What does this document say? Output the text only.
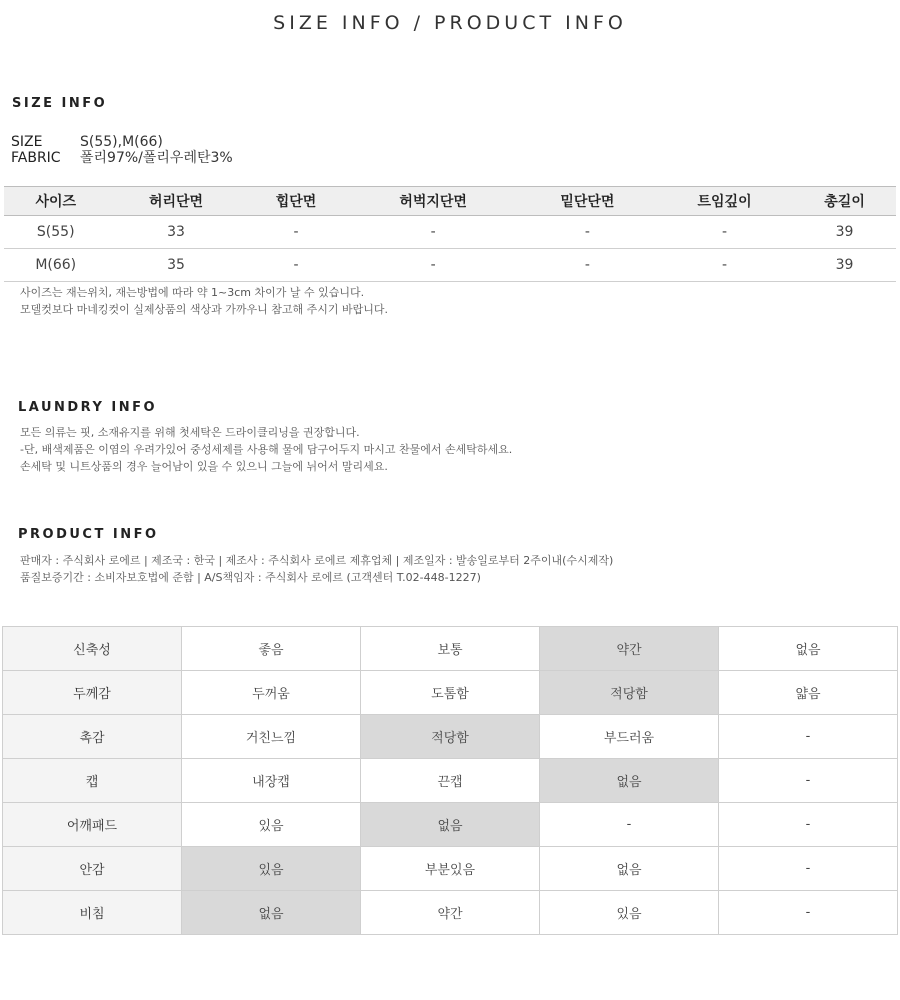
SIZE INFO / PRODUCT INFO
SIZE INFO
SIZE	S(55),M(66)
FABRIC	폴리97%/폴리우레탄3%
사이즈	허리단면	힙단면	허벅지단면	밑단단면	트임깊이	총길이
S(55)	33	-	-	-	-	39
M(66)	35	-	-	-	-	39
사이즈는 재는위치, 재는방법에 따라 약 1~3cm 차이가 날 수 있습니다.
모델컷보다 마네킹컷이 실제상품의 색상과 가까우니 참고해 주시기 바랍니다.
LAUNDRY INFO
모든 의류는 핏, 소재유지를 위해 첫세탁은 드라이클리닝을 권장합니다.
-단, 배색제품은 이염의 우려가있어 중성세제를 사용해 물에 담구어두지 마시고 찬물에서 손세탁하세요.
손세탁 및 니트상품의 경우 늘어남이 있을 수 있으니 그늘에 뉘어서 말리세요.
PRODUCT INFO
판매자 : 주식회사 로에르 | 제조국 : 한국 | 제조사 : 주식회사 로에르 제휴업체 | 제조일자 : 발송일로부터 2주이내(수시제작)
품질보증기간 : 소비자보호법에 준함 | A/S책임자 : 주식회사 로에르 (고객센터 T.02-448-1227)
신축성	좋음	보통	약간	없음
두께감	두꺼움	도톰함	적당함	얇음
촉감	거친느낌	적당함	부드러움	-
캡	내장캡	끈캡	없음	-
어깨패드	있음	없음	-	-
안감	있음	부분있음	없음	-
비침	없음	약간	있음	-
